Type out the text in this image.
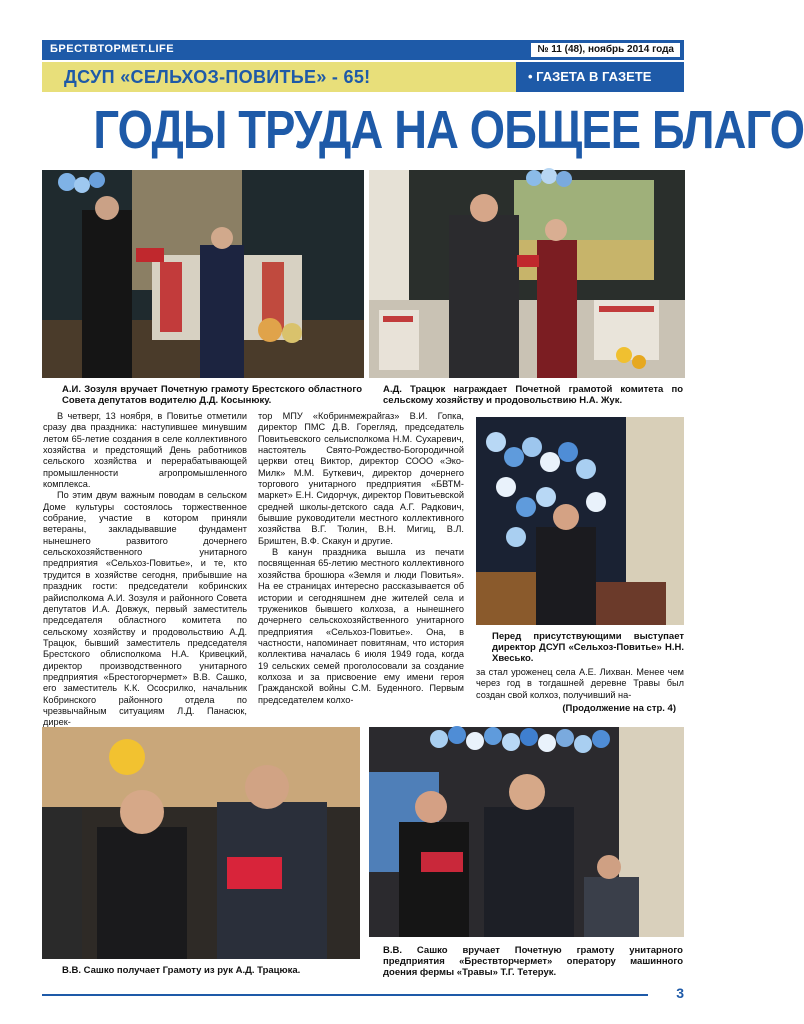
БРЕСТВТОРМЕТ.LIFE	№ 11 (48), ноябрь 2014 года
ДСУП «СЕЛЬХОЗ-ПОВИТЬЕ» - 65!	• ГАЗЕТА В ГАЗЕТЕ
ГОДЫ ТРУДА НА ОБЩЕЕ БЛАГО
А.И. Зозуля вручает Почетную грамоту Брестского областного Совета депутатов водителю Д.Д. Косынюку.
А.Д. Трацюк награждает Почетной грамотой комитета по сельскому хозяйству и продовольствию Н.А. Жук.

В четверг, 13 ноября, в Повитье отметили сразу два праздника: наступившее минувшим летом 65-летие создания в селе коллективного хозяйства и предстоящий День работников сельского хозяйства и перерабатывающей промышленности агропромышленного комплекса.

По этим двум важным поводам в сельском Доме культуры состоялось торжественное собрание, участие в котором приняли ветераны, закладывавшие фундамент нынешнего развитого дочернего сельскохозяйственного унитарного предприятия «Сельхоз-Повитье», и те, кто трудится в хозяйстве сегодня, прибывшие на праздник гости: председатели кобринских райисполкома А.И. Зозуля и районного Совета депутатов И.А. Довжук, первый заместитель председателя областного комитета по сельскому хозяйству и продовольствию А.Д. Трацюк, бывший заместитель председателя Брестского облисполкома Н.А. Кривецкий, директор производственного унитарного предприятия «Брестогорчермет» В.В. Сашко, его заместитель К.К. Ососрилко, начальник Кобринского районного отдела по чрезвычайным ситуациям Л.Д. Панасюк, дирек-

тор МПУ «Кобринмежрайгаз» В.И. Гопка, директор ПМС Д.В. Горегляд, председатель Повитьевского сельисполкома Н.М. Сухаревич, настоятель Свято-Рождество-Богородичной церкви отец Виктор, директор СООО «Эко-Милк» М.М. Буткевич, директор дочернего торгового унитарного предприятия «БВТМ-маркет» Е.Н. Сидорчук, директор Повитьевской средней школы-детского сада А.Г. Радкович, бывшие руководители местного коллективного хозяйства В.Г. Тюлин, В.Н. Мигиц, В.Л. Бриштен, В.Ф. Скакун и другие.

В канун праздника вышла из печати посвященная 65-летию местного коллективного хозяйства брошюра «Земля и люди Повитья». На ее страницах интересно рассказывается об истории и сегодняшнем дне жителей села и тружеников бывшего колхоза, а нынешнего дочернего сельскохозяйственного унитарного предприятия «Сельхоз-Повитье». Она, в частности, напоминает повитянам, что история коллектива началась 6 июля 1949 года, когда 19 сельских семей проголосовали за создание колхоза и за присвоение ему имени героя Гражданской войны С.М. Буденного. Первым председателем колхо-

Перед присутствующими выступает директор ДСУП «Сельхоз-Повитье» Н.Н. Хвесько.

за стал уроженец села А.Е. Лихван. Менее чем через год в тогдашней деревне Травы был создан свой колхоз, получивший на-

(Продолжение на стр. 4)
В.В. Сашко получает Грамоту из рук А.Д. Трацюка.
В.В. Сашко вручает Почетную грамоту унитарного предприятия «Брествторчермет» оператору машинного доения фермы «Травы» Т.Г. Тетерук.
3
